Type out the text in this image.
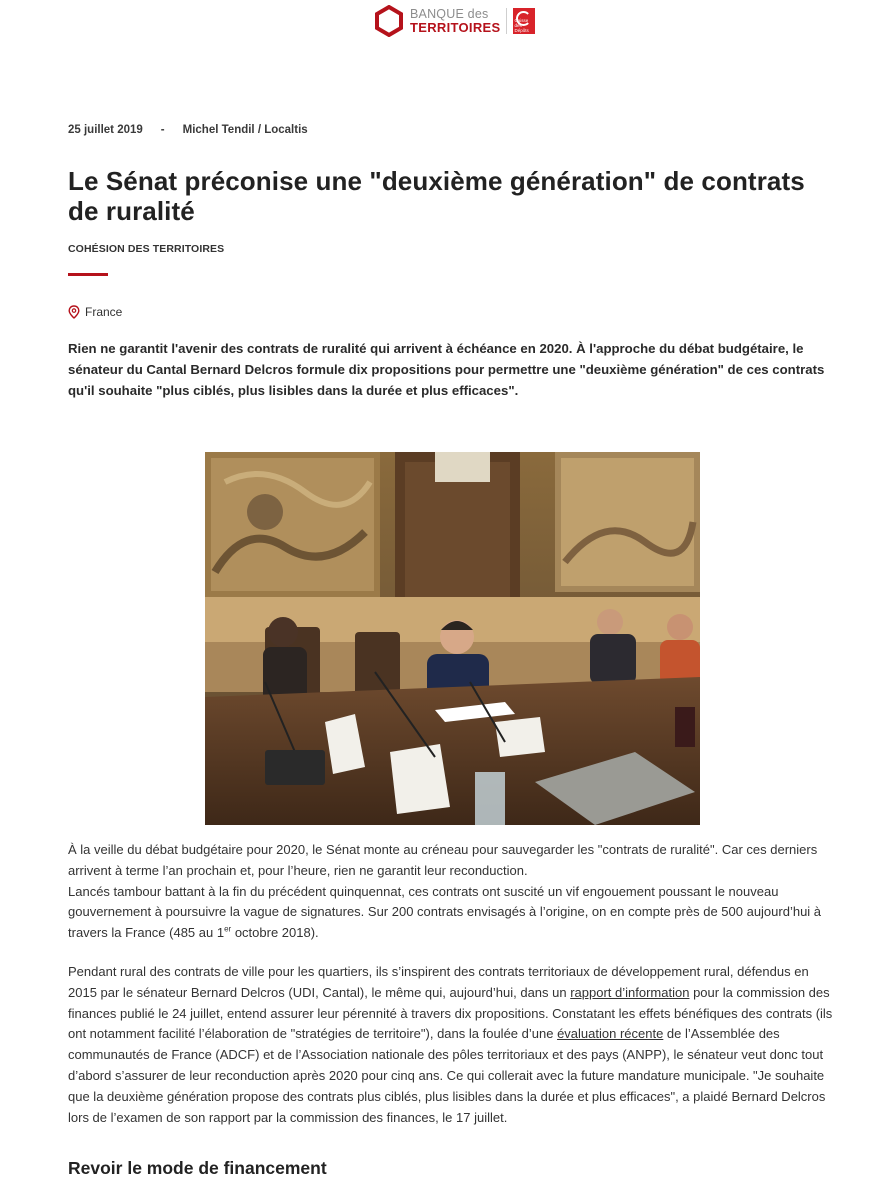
BANQUE des
TERRITOIRES	Caisse des Dépôts
25 juillet 2019 - Michel Tendil / Localtis
Le Sénat préconise une "deuxième génération" de contrats de ruralité
COHÉSION DES TERRITOIRES
France

Rien ne garantit l'avenir des contrats de ruralité qui arrivent à échéance en 2020. À l'approche du débat budgétaire, le sénateur du Cantal Bernard Delcros formule dix propositions pour permettre une "deuxième génération" de ces contrats qu'il souhaite "plus ciblés, plus lisibles dans la durée et plus efficaces".

À la veille du débat budgétaire pour 2020, le Sénat monte au créneau pour sauvegarder les "contrats de ruralité". Car ces derniers arrivent à terme l’an prochain et, pour l’heure, rien ne garantit leur reconduction.
Lancés tambour battant à la fin du précédent quinquennat, ces contrats ont suscité un vif engouement poussant le nouveau gouvernement à poursuivre la vague de signatures. Sur 200 contrats envisagés à l’origine, on en compte près de 500 aujourd’hui à travers la France (485 au 1er octobre 2018).
Pendant rural des contrats de ville pour les quartiers, ils s’inspirent des contrats territoriaux de développement rural, défendus en 2015 par le sénateur Bernard Delcros (UDI, Cantal), le même qui, aujourd’hui, dans un rapport d’information pour la commission des finances publié le 24 juillet, entend assurer leur pérennité à travers dix propositions. Constatant les effets bénéfiques des contrats (ils ont notamment facilité l’élaboration de "stratégies de territoire"), dans la foulée d’une évaluation récente de l’Assemblée des communautés de France (ADCF) et de l’Association nationale des pôles territoriaux et des pays (ANPP), le sénateur veut donc tout d’abord s’assurer de leur reconduction après 2020 pour cinq ans. Ce qui collerait avec la future mandature municipale. "Je souhaite que la deuxième génération propose des contrats plus ciblés, plus lisibles dans la durée et plus efficaces", a plaidé Bernard Delcros lors de l’examen de son rapport par la commission des finances, le 17 juillet.
Revoir le mode de financement
